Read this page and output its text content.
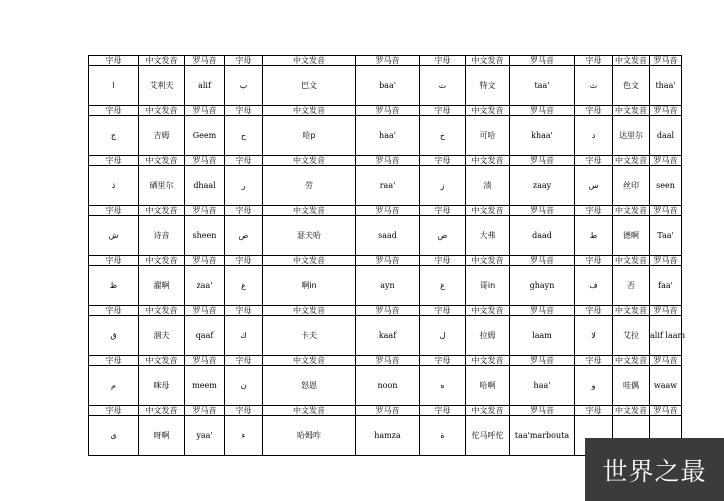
字母	中文发音	罗马音	字母	中文发音	罗马音	字母	中文发音	罗马音	字母	中文发音	罗马音
ا	艾利夫	alif	ب	巴文	baa'	ت	特文	taa'	ث	色文	thaa'
字母	中文发音	罗马音	字母	中文发音	罗马音	字母	中文发音	罗马音	字母	中文发音	罗马音
ج	吉姆	Geem	ح	哈p	haa'	خ	可哈	khaa'	د	达里尔	daal
字母	中文发音	罗马音	字母	中文发音	罗马音	字母	中文发音	罗马音	字母	中文发音	罗马音
ذ	硒里尔	dhaal	ر	劳	raa'	ز	渍	zaay	س	丝印	seen
字母	中文发音	罗马音	字母	中文发音	罗马音	字母	中文发音	罗马音	字母	中文发音	罗马音
ش	诗音	sheen	ص	瑟夫哈	saad	ض	大弗	daad	ط	德啊	Taa'
字母	中文发音	罗马音	字母	中文发音	罗马音	字母	中文发音	罗马音	字母	中文发音	罗马音
ظ	濯啊	zaa'	ع	啊in	ayn	غ	哥in	ghayn	ف	否	faa'
字母	中文发音	罗马音	字母	中文发音	罗马音	字母	中文发音	罗马音	字母	中文发音	罗马音
ق	涸夫	qaaf	ك	卡夫	kaaf	ل	拉姆	laam	لا	艾拉	alif laam
字母	中文发音	罗马音	字母	中文发音	罗马音	字母	中文发音	罗马音	字母	中文发音	罗马音
م	咪母	meem	ن	怒恩	noon	ه	哈啊	haa'	و	哇偶	waaw
字母	中文发音	罗马音	字母	中文发音	罗马音	字母	中文发音	罗马音	字母	中文发音	罗马音
ى	呀啊	yaa'	ء	哈姆咋	hamza	ة	佗马呼佗	taa'marbouta			
世界之最
